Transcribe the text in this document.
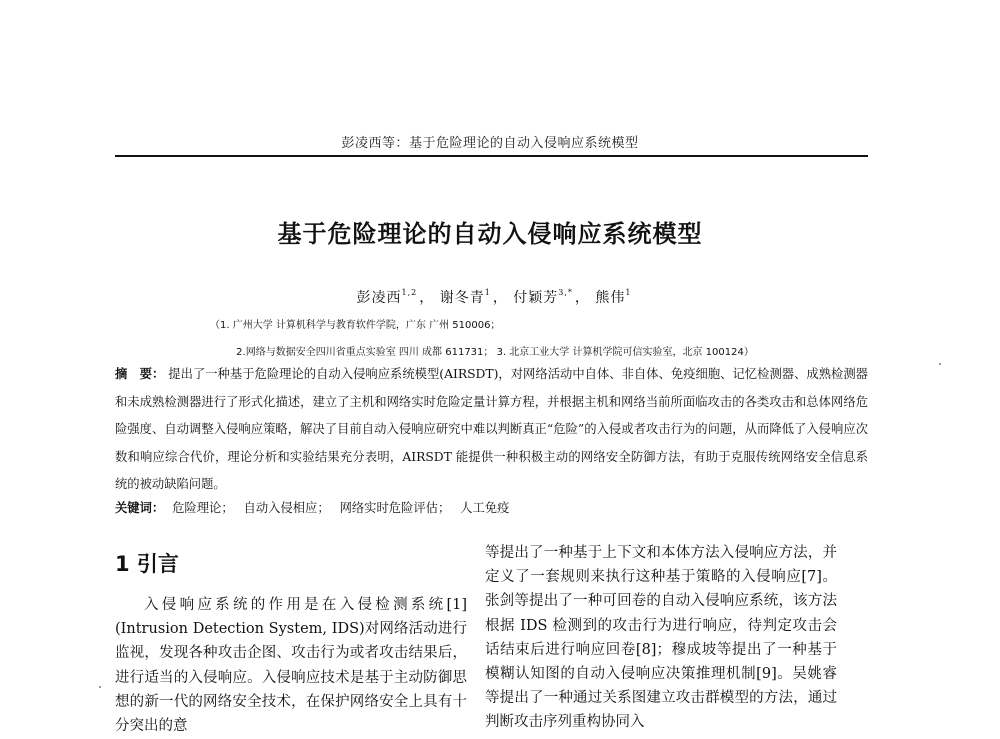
彭凌西等：基于危险理论的自动入侵响应系统模型
基于危险理论的自动入侵响应系统模型
彭凌西$^{1,2}$ ， 谢冬青$^1$ ， 付颖芳$^{3,*}$ ， 熊伟$^1$
（1. 广州大学 计算机科学与教育软件学院，广东 广州 510006；
2.网络与数据安全四川省重点实验室 四川 成都 611731； 3. 北京工业大学 计算机学院可信实验室，北京 100124）

摘　要： 提出了一种基于危险理论的自动入侵响应系统模型(AIRSDT)，对网络活动中自体、非自体、免疫细胞、记忆检测器、成熟检测器和未成熟检测器进行了形式化描述，建立了主机和网络实时危险定量计算方程，并根据主机和网络当前所面临攻击的各类攻击和总体网络危险强度、自动调整入侵响应策略，解决了目前自动入侵响应研究中难以判断真正“危险”的入侵或者攻击行为的问题，从而降低了入侵响应次数和响应综合代价，理论分析和实验结果充分表明，AIRSDT 能提供一种积极主动的网络安全防御方法，有助于克服传统网络安全信息系统的被动缺陷问题。

关键词： 危险理论； 自动入侵相应； 网络实时危险评估； 人工免疫
1 引言

入侵响应系统的作用是在入侵检测系统[1](Intrusion Detection System, IDS)对网络活动进行监视，发现各种攻击企图、攻击行为或者攻击结果后，进行适当的入侵响应。入侵响应技术是基于主动防御思想的新一代的网络安全技术，在保护网络安全上具有十分突出的意

等提出了一种基于上下文和本体方法入侵响应方法，并定义了一套规则来执行这种基于策略的入侵响应[7]。张剑等提出了一种可回卷的自动入侵响应系统，该方法根据 IDS 检测到的攻击行为进行响应，待判定攻击会话结束后进行响应回卷[8]；穆成坡等提出了一种基于模糊认知图的自动入侵响应决策推理机制[9]。吴姚睿等提出了一种通过关系图建立攻击群模型的方法，通过判断攻击序列重构协同入
